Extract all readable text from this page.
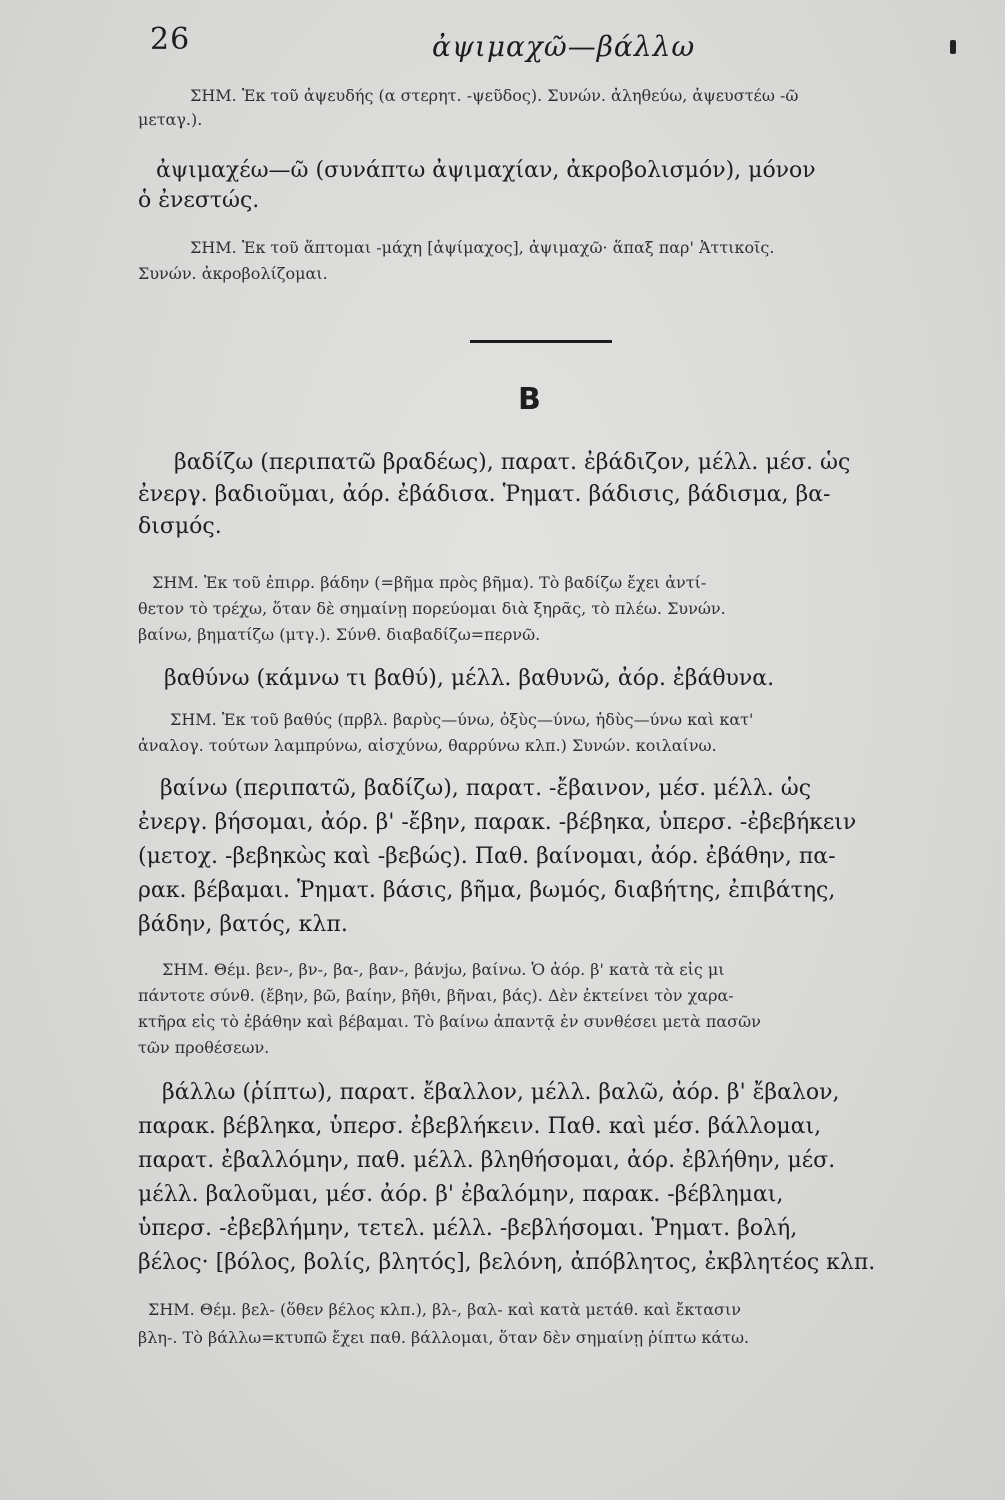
26	ἀψιμαχῶ—βάλλω
ΣΗΜ. Ἐκ τοῦ ἀψευδής (α στερητ. -ψεῦδος). Συνών. ἀληθεύω, ἀψευστέω -ῶ
μεταγ.).
ἀψιμαχέω—ῶ (συνάπτω ἀψιμαχίαν, ἀκροβολισμόν), μόνον
ὁ ἐνεστώς.
ΣΗΜ. Ἐκ τοῦ ἅπτομαι -μάχη [ἀψίμαχος], ἀψιμαχῶ· ἅπαξ παρ' Ἀττικοῖς.
Συνών. ἀκροβολίζομαι.
Β
βαδίζω (περιπατῶ βραδέως), παρατ. ἐβάδιζον, μέλλ. μέσ. ὡς
ἐνεργ. βαδιοῦμαι, ἀόρ. ἐβάδισα. Ῥηματ. βάδισις, βάδισμα, βα-
δισμός.
ΣΗΜ. Ἐκ τοῦ ἐπιρρ. βάδην (=βῆμα πρὸς βῆμα). Τὸ βαδίζω ἔχει ἀντί-
θετον τὸ τρέχω, ὅταν δὲ σημαίνῃ πορεύομαι διὰ ξηρᾶς, τὸ πλέω. Συνών.
βαίνω, βηματίζω (μτγ.). Σύνθ. διαβαδίζω=περνῶ.
βαθύνω (κάμνω τι βαθύ), μέλλ. βαθυνῶ, ἀόρ. ἐβάθυνα.
ΣΗΜ. Ἐκ τοῦ βαθύς (πρβλ. βαρὺς—ύνω, ὀξὺς—ύνω, ἡδὺς—ύνω καὶ κατ'
ἀναλογ. τούτων λαμπρύνω, αἰσχύνω, θαρρύνω κλπ.) Συνών. κοιλαίνω.
βαίνω (περιπατῶ, βαδίζω), παρατ. -ἔβαινον, μέσ. μέλλ. ὡς
ἐνεργ. βήσομαι, ἀόρ. β' -ἔβην, παρακ. -βέβηκα, ὑπερσ. -ἐβεβήκειν
(μετοχ. -βεβηκὼς καὶ -βεβώς). Παθ. βαίνομαι, ἀόρ. ἐβάθην, πα-
ρακ. βέβαμαι. Ῥηματ. βάσις, βῆμα, βωμός, διαβήτης, ἐπιβάτης,
βάδην, βατός, κλπ.
ΣΗΜ. Θέμ. βεν-, βν-, βα-, βαν-, βάνjω, βαίνω. Ὁ ἀόρ. β' κατὰ τὰ εἰς μι
πάντοτε σύνθ. (ἔβην, βῶ, βαίην, βῆθι, βῆναι, βάς). Δὲν ἐκτείνει τὸν χαρα-
κτῆρα εἰς τὸ ἐβάθην καὶ βέβαμαι. Τὸ βαίνω ἀπαντᾷ ἐν συνθέσει μετὰ πασῶν
τῶν προθέσεων.
βάλλω (ῥίπτω), παρατ. ἔβαλλον, μέλλ. βαλῶ, ἀόρ. β' ἔβαλον,
παρακ. βέβληκα, ὑπερσ. ἐβεβλήκειν. Παθ. καὶ μέσ. βάλλομαι,
παρατ. ἐβαλλόμην, παθ. μέλλ. βληθήσομαι, ἀόρ. ἐβλήθην, μέσ.
μέλλ. βαλοῦμαι, μέσ. ἀόρ. β' ἐβαλόμην, παρακ. -βέβλημαι,
ὑπερσ. -ἐβεβλήμην, τετελ. μέλλ. -βεβλήσομαι. Ῥηματ. βολή,
βέλος· [βόλος, βολίς, βλητός], βελόνη, ἀπόβλητος, ἐκβλητέος κλπ.
ΣΗΜ. Θέμ. βελ- (ὅθεν βέλος κλπ.), βλ-, βαλ- καὶ κατὰ μετάθ. καὶ ἔκτασιν
βλη-. Τὸ βάλλω=κτυπῶ ἔχει παθ. βάλλομαι, ὅταν δὲν σημαίνῃ ῥίπτω κάτω.
